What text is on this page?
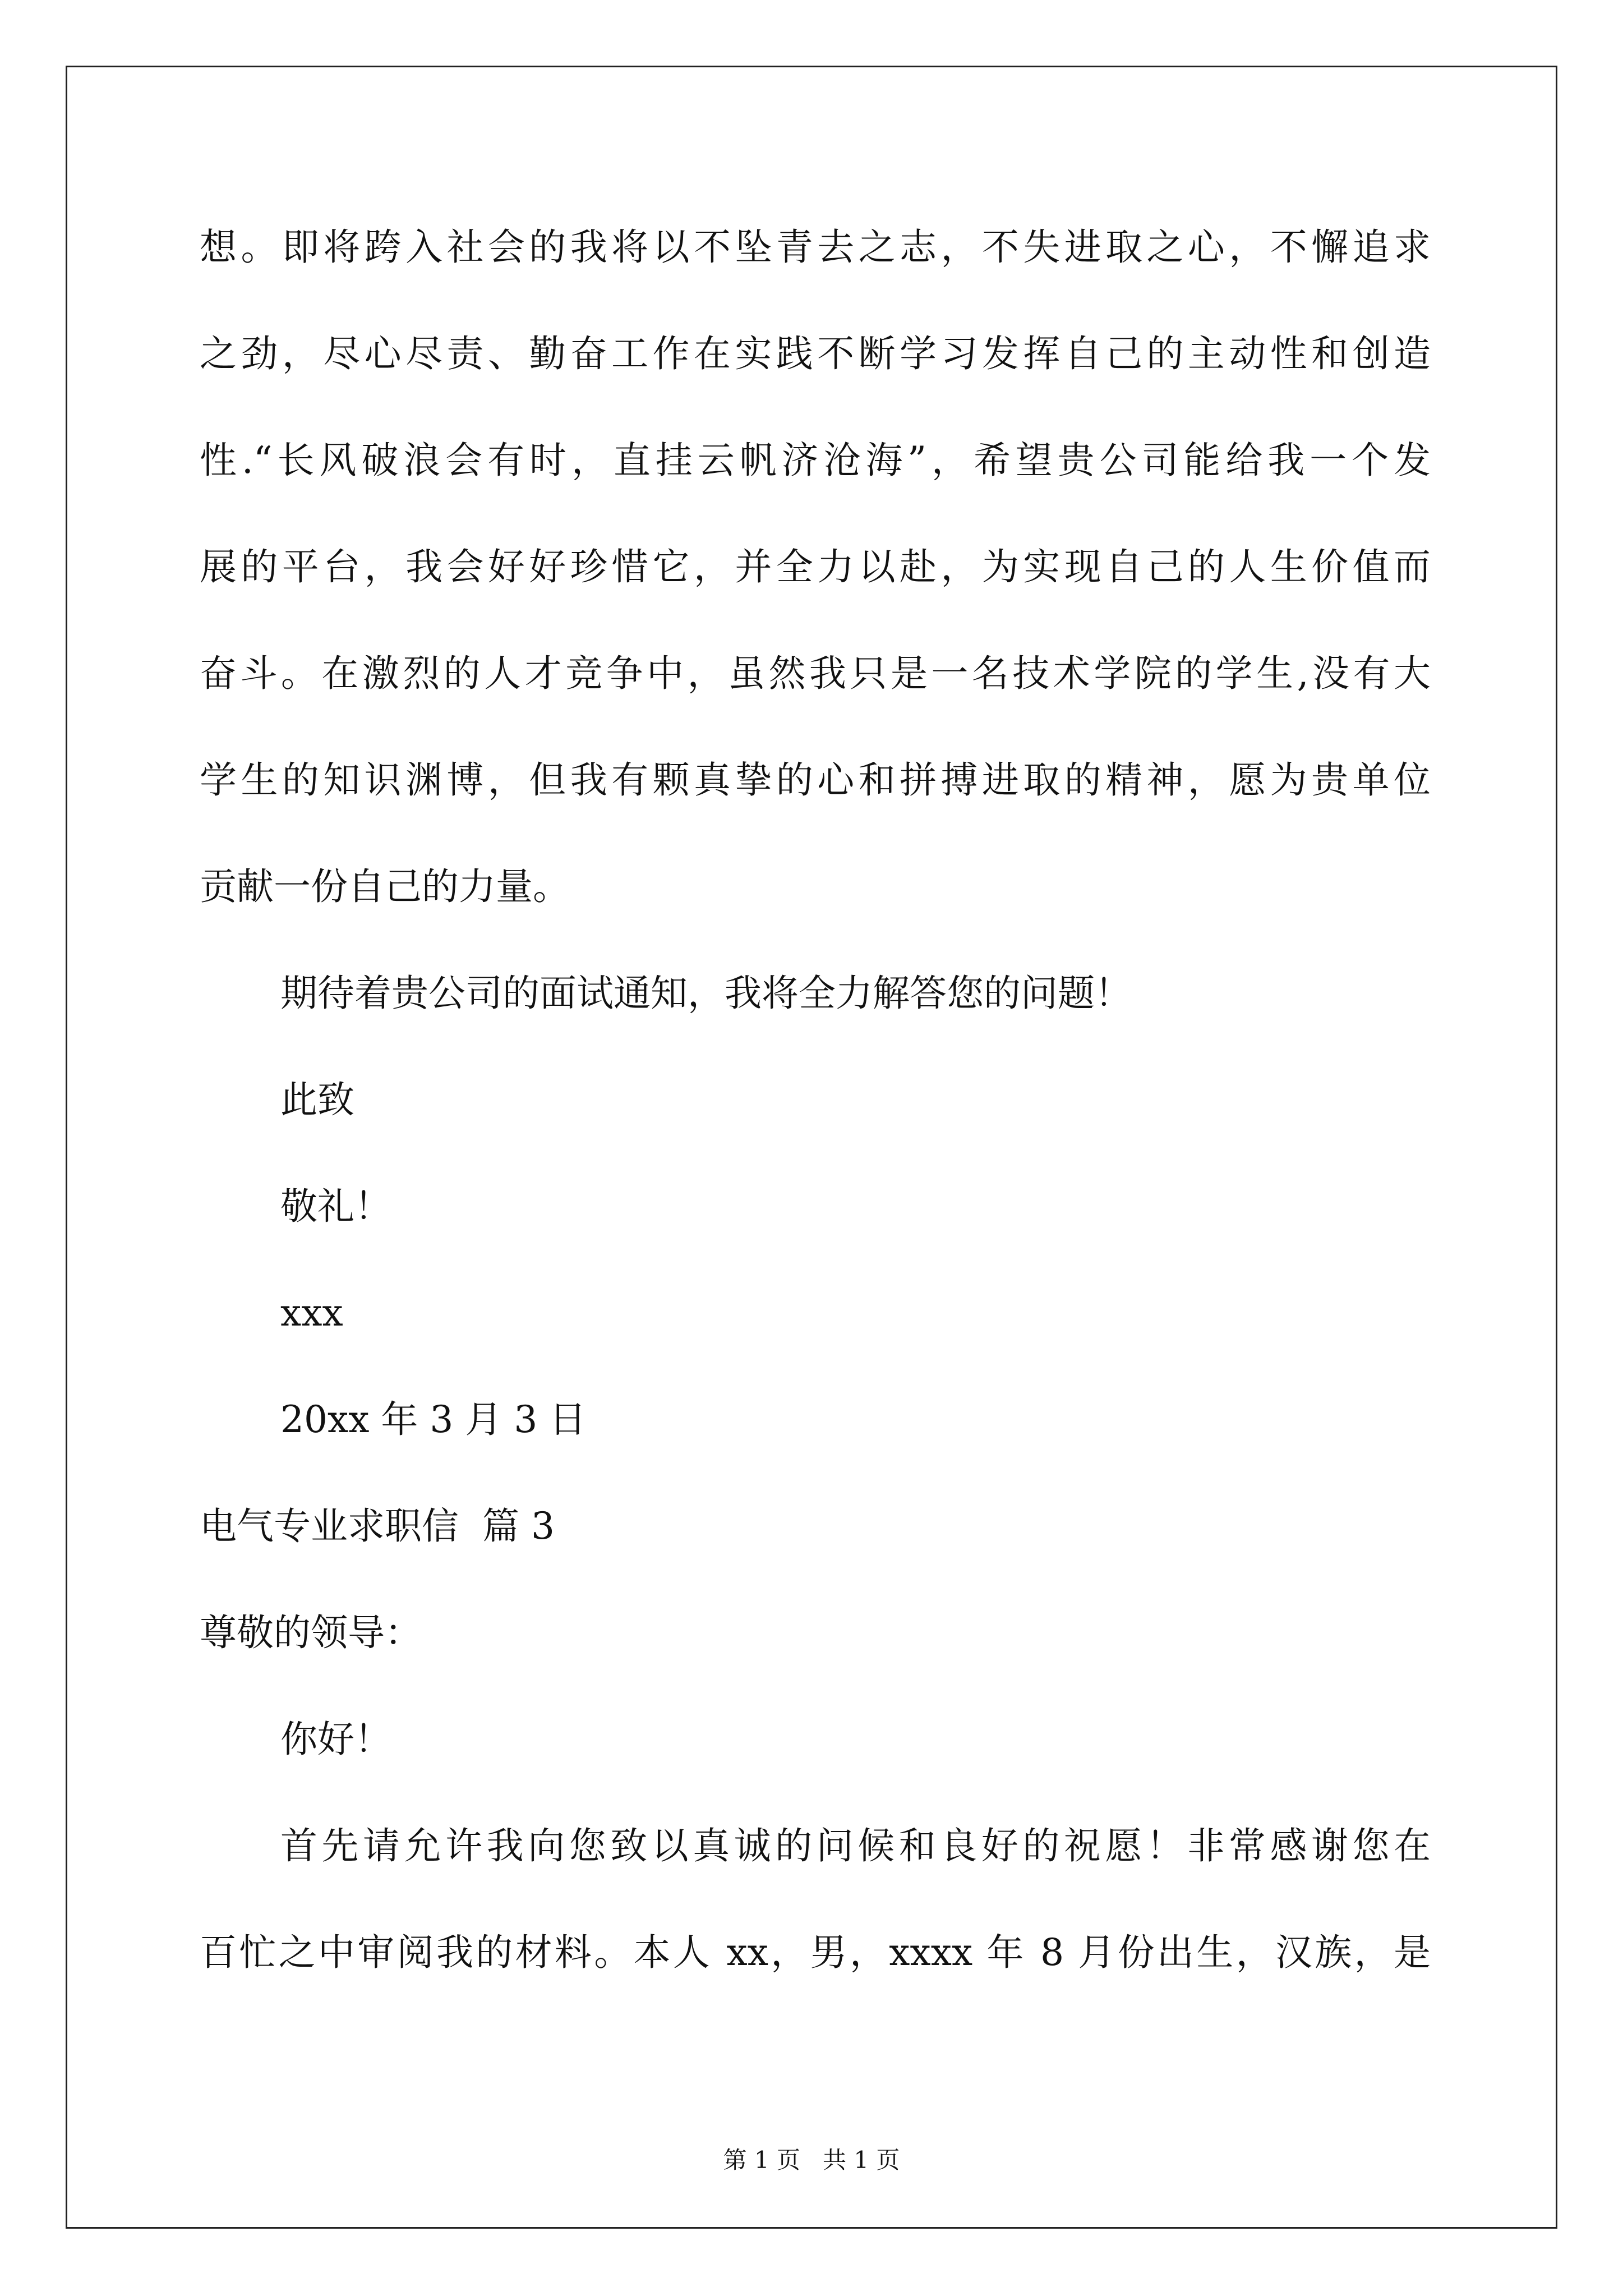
想。即将跨入社会的我将以不坠青去之志，不失进取之心，不懈追求
之劲，尽心尽责、勤奋工作在实践不断学习发挥自己的主动性和创造
性.“长风破浪会有时，直挂云帆济沧海”，希望贵公司能给我一个发
展的平台，我会好好珍惜它，并全力以赴，为实现自己的人生价值而
奋斗。在激烈的人才竞争中，虽然我只是一名技术学院的学生,没有大
学生的知识渊博，但我有颗真挚的心和拼搏进取的精神，愿为贵单位
贡献一份自己的力量。
期待着贵公司的面试通知，我将全力解答您的问题！
此致
敬礼！
xxx
20xx 年 3 月 3 日
电气专业求职信  篇 3
尊敬的领导：
你好！
首先请允许我向您致以真诚的问候和良好的祝愿！非常感谢您在
百忙之中审阅我的材料。本人 xx，男，xxxx 年 8 月份出生，汉族，是
第 1 页 共 1 页
